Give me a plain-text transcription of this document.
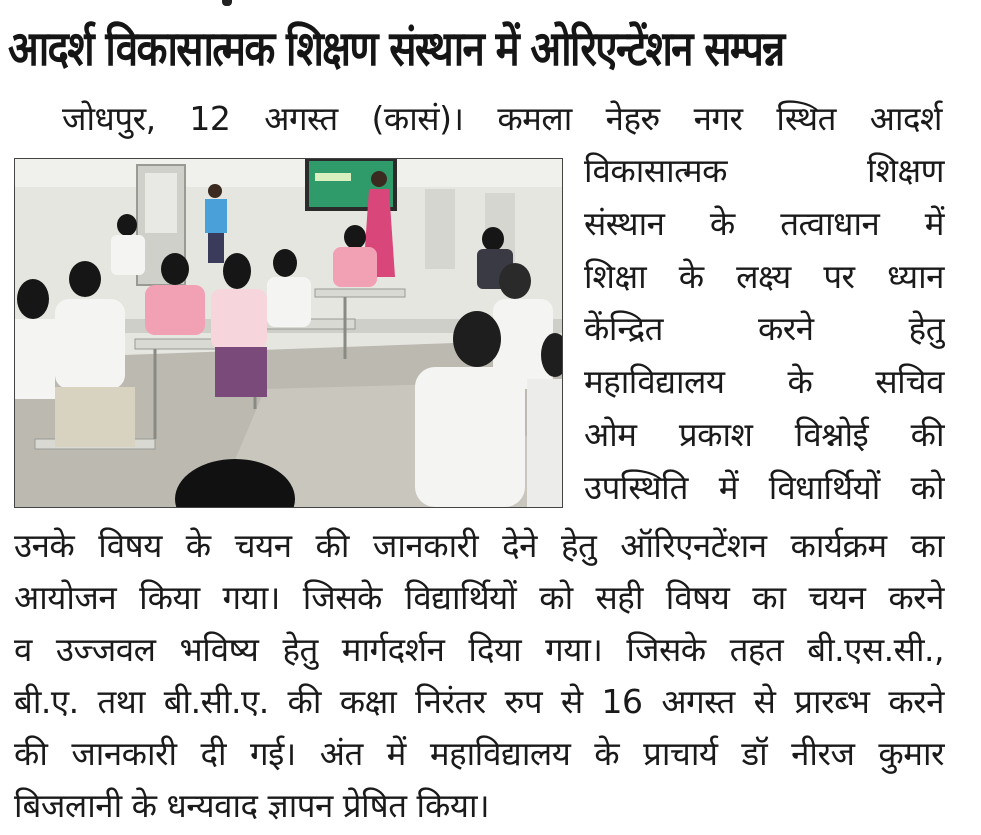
आदर्श विकासात्मक शिक्षण संस्थान में ओरिएन्टेंशन सम्पन्न
जोधपुर, 12 अगस्त (कासं)। कमला नेहरु नगर स्थित आदर्श
विकासात्मक शिक्षण
संस्थान के तत्वाधान में
शिक्षा के लक्ष्य पर ध्यान
केंन्द्रित करने हेतु
महाविद्यालय के सचिव
ओम प्रकाश विश्नोई की
उपस्थिति में विधार्थियों को
उनके विषय के चयन की जानकारी देने हेतु ऑरिएनटेंशन कार्यक्रम का
आयोजन किया गया। जिसके विद्यार्थियों को सही विषय का चयन करने
व उज्जवल भविष्य हेतु मार्गदर्शन दिया गया। जिसके तहत बी.एस.सी.,
बी.ए. तथा बी.सी.ए. की कक्षा निरंतर रुप से 16 अगस्त से प्रारब्भ करने
की जानकारी दी गई। अंत में महाविद्यालय के प्राचार्य डॉ नीरज कुमार
बिजलानी के धन्यवाद ज्ञापन प्रेषित किया।
